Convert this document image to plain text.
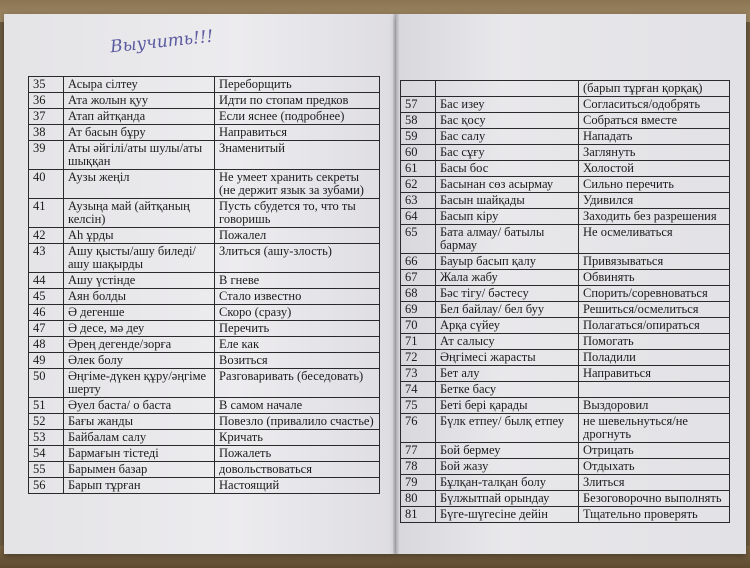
Выучить!!!
35	Асыра сілтеу	Переборщить
36	Ата жолын қуу	Идти по стопам предков
37	Атап айтқанда	Если яснее (подробнее)
38	Ат басын бұру	Направиться
39	Аты әйгілі/аты шулы/аты шыққан	Знаменитый
40	Аузы жеңіл	Не умеет хранить секреты (не держит язык за зубами)
41	Аузыңа май (айтқаның келсін)	Пусть сбудется то, что ты говоришь
42	Аһ ұрды	Пожалел
43	Ашу қысты/ашу биледі/ашу шақырды	Злиться (ашу-злость)
44	Ашу үстінде	В гневе
45	Аян болды	Стало известно
46	Ә дегенше	Скоро (сразу)
47	Ә десе, мә деу	Перечить
48	Әрең дегенде/зорға	Еле как
49	Әлек болу	Возиться
50	Әңгіме-дүкен құру/әңгіме шерту	Разговаривать (беседовать)
51	Әуел баста/ о баста	В самом начале
52	Бағы жанды	Повезло (привалило счастье)
53	Байбалам салу	Кричать
54	Бармағын тістеді	Пожалеть
55	Барымен базар	довольствоваться
56	Барып тұрған	Настоящий
		(барып тұрған қорқақ)
57	Бас изеу	Согласиться/одобрять
58	Бас қосу	Собраться вместе
59	Бас салу	Нападать
60	Бас сұғу	Заглянуть
61	Басы бос	Холостой
62	Басынан сөз асырмау	Сильно перечить
63	Басын шайқады	Удивился
64	Басып кіру	Заходить без разрешения
65	Бата алмау/ батылы бармау	Не осмеливаться
66	Бауыр басып қалу	Привязываться
67	Жала жабу	Обвинять
68	Бәс тігу/ бәстесу	Спорить/соревноваться
69	Бел байлау/ бел буу	Решиться/осмелиться
70	Арқа сүйеу	Полагаться/опираться
71	Ат салысу	Помогать
72	Әңгімесі жарасты	Поладили
73	Бет алу	Направиться
74	Бетке басу	
75	Беті бері қарады	Выздоровил
76	Бүлк етпеу/ былқ етпеу	не шевельнуться/не дрогнуть
77	Бой бермеу	Отрицать
78	Бой жазу	Отдыхать
79	Бұлқан-талқан болу	Злиться
80	Бүлжытпай орындау	Безоговорочно выполнять
81	Бүге-шүгесіне дейін	Тщательно проверять
